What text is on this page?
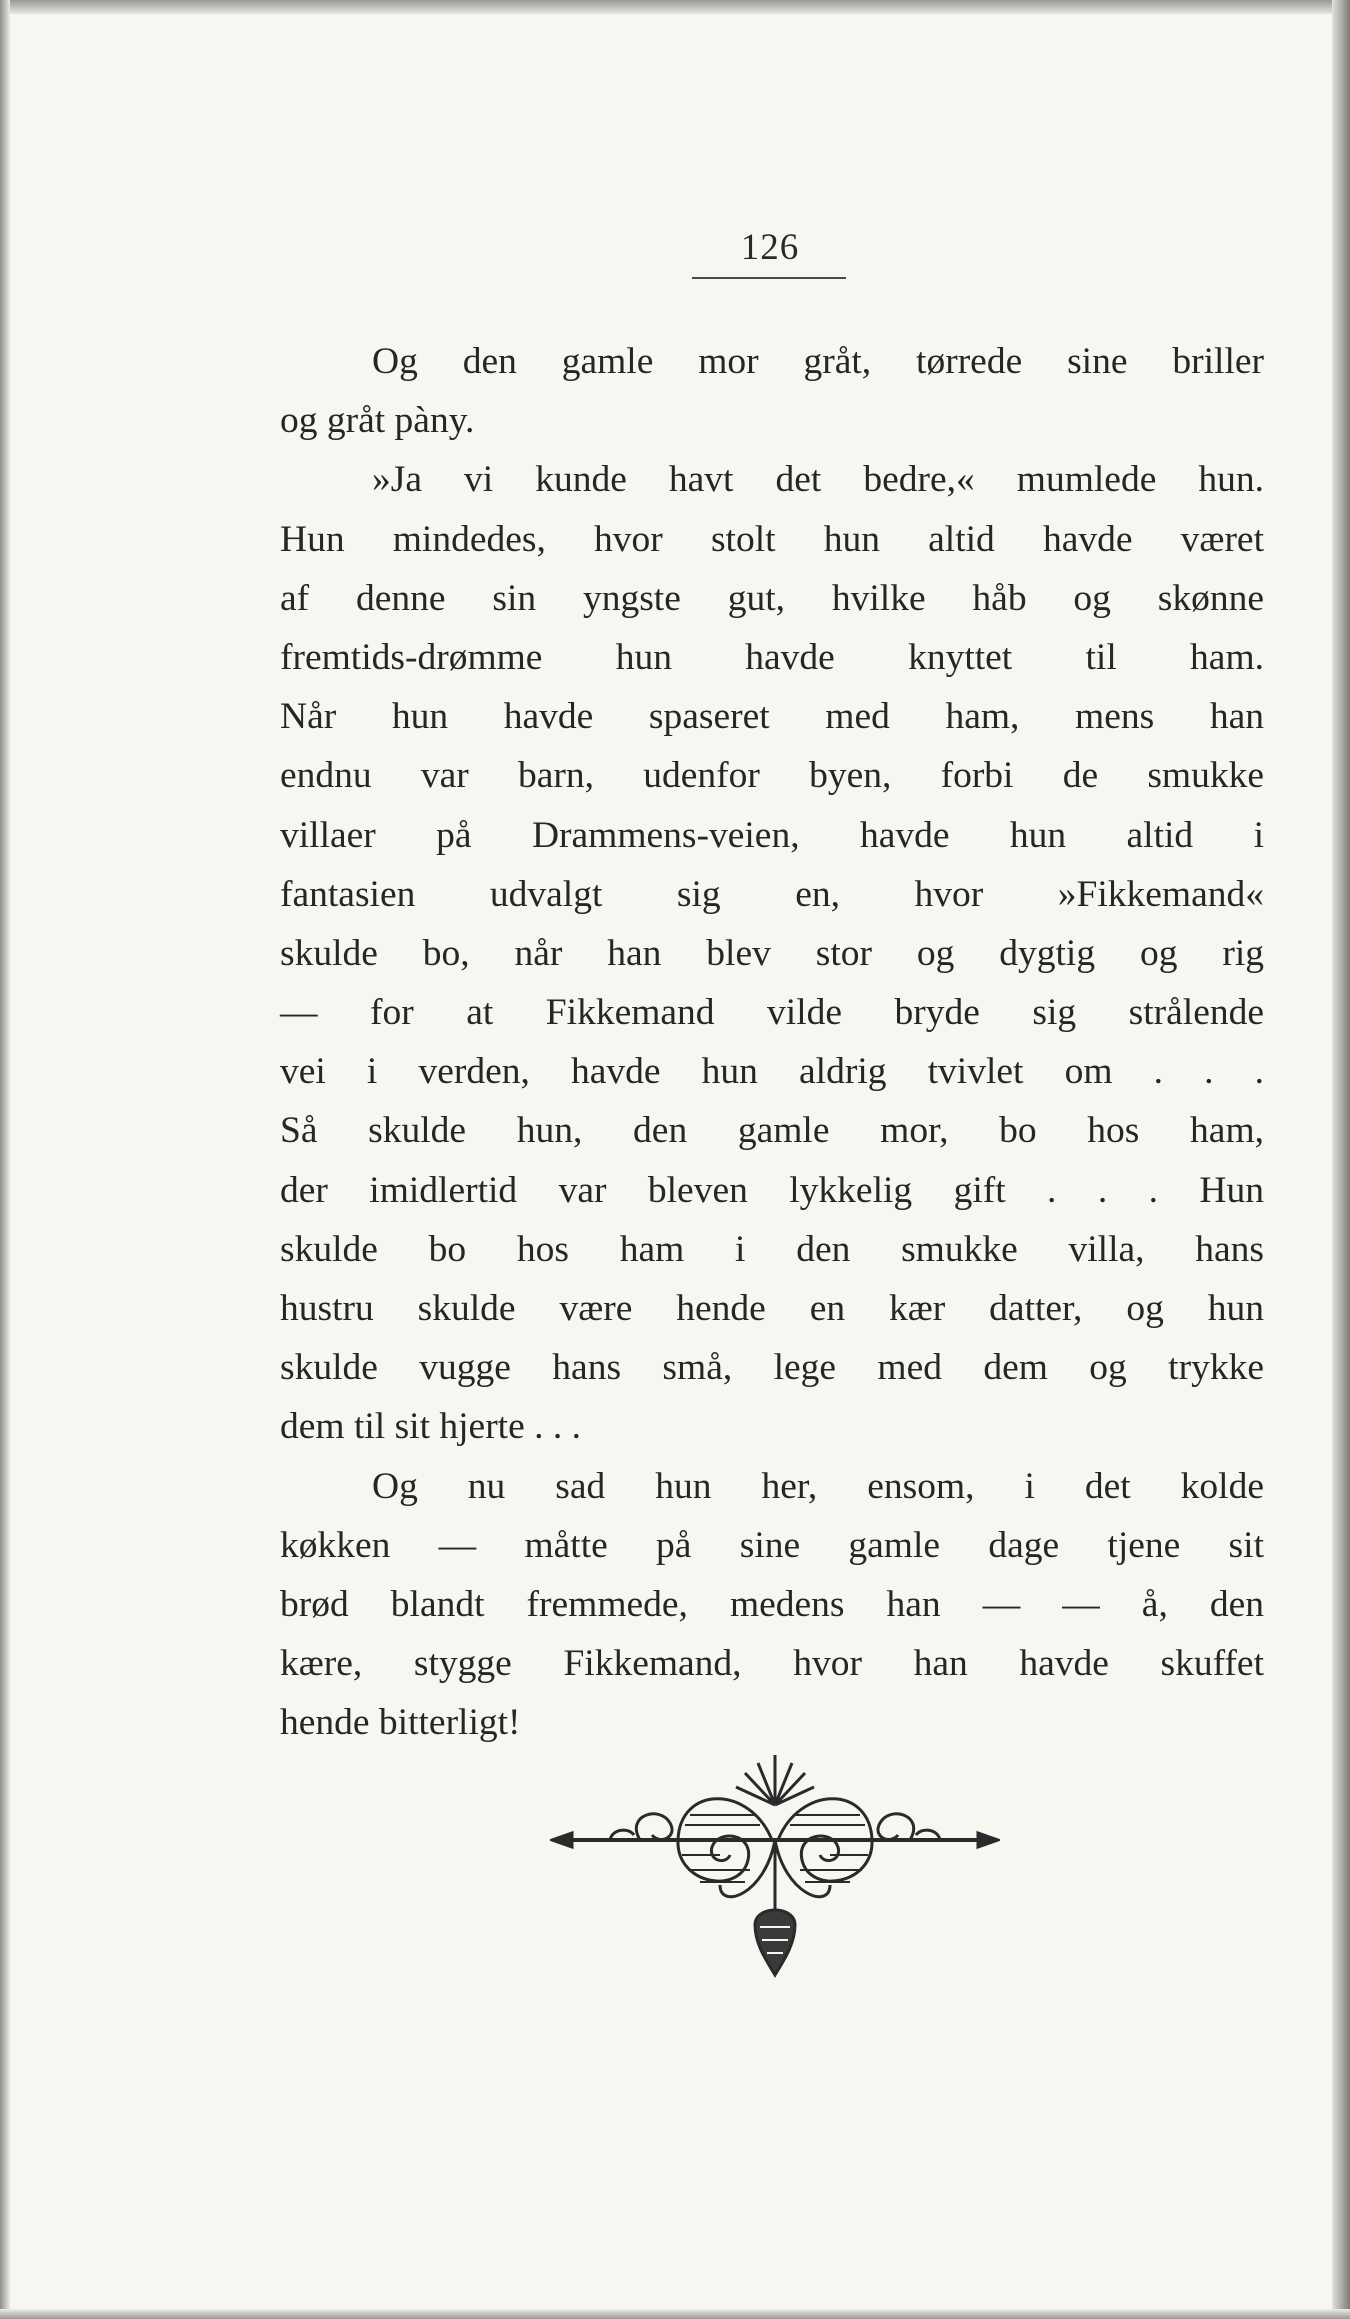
126
Og den gamle mor gråt, tørrede sine briller
og gråt pàny.
»Ja vi kunde havt det bedre,« mumlede hun.
Hun mindedes, hvor stolt hun altid havde været
af denne sin yngste gut, hvilke håb og skønne
fremtids-drømme hun havde knyttet til ham.
Når hun havde spaseret med ham, mens han
endnu var barn, udenfor byen, forbi de smukke
villaer på Drammens-veien, havde hun altid i
fantasien udvalgt sig en, hvor »Fikkemand«
skulde bo, når han blev stor og dygtig og rig
— for at Fikkemand vilde bryde sig strålende
vei i verden, havde hun aldrig tvivlet om . . .
Så skulde hun, den gamle mor, bo hos ham,
der imidlertid var bleven lykkelig gift . . . Hun
skulde bo hos ham i den smukke villa, hans
hustru skulde være hende en kær datter, og hun
skulde vugge hans små, lege med dem og trykke
dem til sit hjerte . . .
Og nu sad hun her, ensom, i det kolde
køkken — måtte på sine gamle dage tjene sit
brød blandt fremmede, medens han — — å, den
kære, stygge Fikkemand, hvor han havde skuffet
hende bitterligt!
